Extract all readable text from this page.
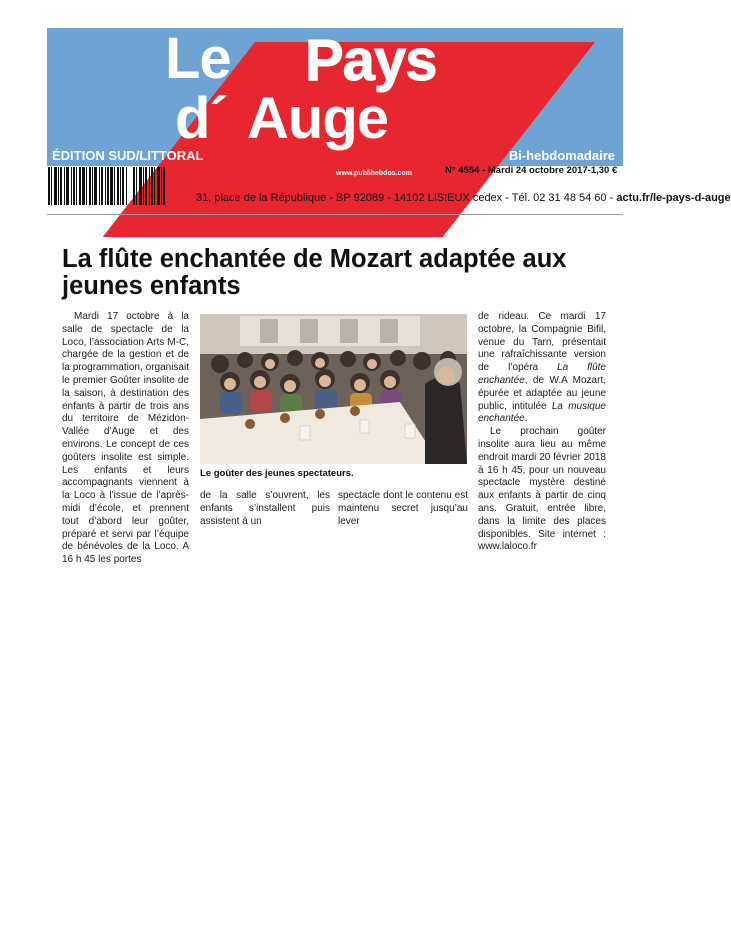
Le Pays
d´ Auge
ÉDITION SUD/LITTORAL	Bi-hebdomadaire
www.publihebdos.com	N° 4554 - Mardi 24 octobre 2017-1,30 €
31, place de la République - BP 92089 - 14102 LISIEUX cedex - Tél. 02 31 48 54 60 - actu.fr/le-pays-d-auge
La flûte enchantée de Mozart adaptée aux jeunes enfants

Mardi 17 octobre à la salle de spectacle de la Loco, l’association Arts M-C, chargée de la gestion et de la programmation, organisait le premier Goûter insolite de la saison, à destination des enfants à partir de trois ans du territoire de Mézidon-Vallée d’Auge et des environs. Le concept de ces goûters insolite est simple. Les enfants et leurs accompagnants viennent à la Loco à l’issue de l’après-midi d’école, et prennent tout d’abord leur goûter, préparé et servi par l’équipe de bénévoles de la Loco. A 16 h 45 les portes

Le goûter des jeunes spectateurs.

de la salle s’ouvrent, les enfants s’installent puis assistent à un

spectacle dont le contenu est maintenu secret jusqu’au lever

de rideau. Ce mardi 17 octobre, la Compagnie Bifil, venue du Tarn, présentait une rafraîchissante version de l’opéra La flûte enchantée, de W.A Mozart, épurée et adaptée au jeune public, intitulée La musique enchantée.

Le prochain goûter insolite aura lieu au même endroit mardi 20 février 2018 à 16 h 45, pour un nouveau spectacle mystère destiné aux enfants à partir de cinq ans. Gratuit, entrée libre, dans la limite des places disponibles. Site internet : www.laloco.fr
